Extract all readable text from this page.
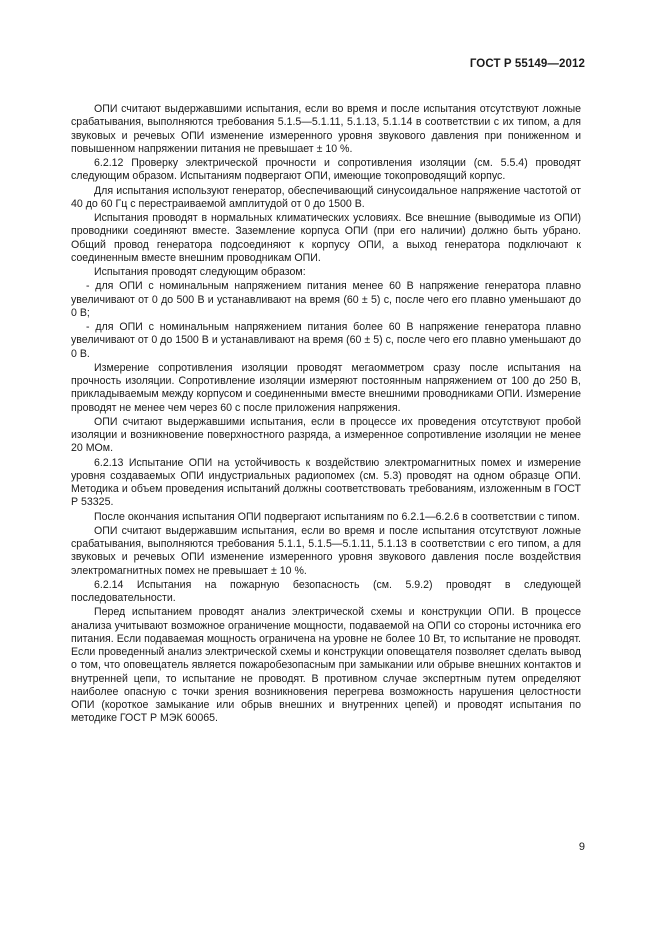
ГОСТ Р 55149—2012

ОПИ считают выдержавшими испытания, если во время и после испытания отсутствуют ложные срабатывания, выполняются требования 5.1.5—5.1.11, 5.1.13, 5.1.14 в соответствии с их типом, а для звуковых и речевых ОПИ изменение измеренного уровня звукового давления при пониженном и повышенном напряжении питания не превышает ± 10 %.

6.2.12 Проверку электрической прочности и сопротивления изоляции (см. 5.5.4) проводят следующим образом. Испытаниям подвергают ОПИ, имеющие токопроводящий корпус.

Для испытания используют генератор, обеспечивающий синусоидальное напряжение частотой от 40 до 60 Гц с перестраиваемой амплитудой от 0 до 1500 В.

Испытания проводят в нормальных климатических условиях. Все внешние (выводимые из ОПИ) проводники соединяют вместе. Заземление корпуса ОПИ (при его наличии) должно быть убрано. Общий провод генератора подсоединяют к корпусу ОПИ, а выход генератора подключают к соединенным вместе внешним проводникам ОПИ.

Испытания проводят следующим образом:

- для ОПИ с номинальным напряжением питания менее 60 В напряжение генератора плавно увеличивают от 0 до 500 В и устанавливают на время (60 ± 5) с, после чего его плавно уменьшают до 0 В;

- для ОПИ с номинальным напряжением питания более 60 В напряжение генератора плавно увеличивают от 0 до 1500 В и устанавливают на время (60 ± 5) с, после чего его плавно уменьшают до 0 В.

Измерение сопротивления изоляции проводят мегаомметром сразу после испытания на прочность изоляции. Сопротивление изоляции измеряют постоянным напряжением от 100 до 250 В, прикладываемым между корпусом и соединенными вместе внешними проводниками ОПИ. Измерение проводят не менее чем через 60 с после приложения напряжения.

ОПИ считают выдержавшими испытания, если в процессе их проведения отсутствуют пробой изоляции и возникновение поверхностного разряда, а измеренное сопротивление изоляции не менее 20 МОм.

6.2.13 Испытание ОПИ на устойчивость к воздействию электромагнитных помех и измерение уровня создаваемых ОПИ индустриальных радиопомех (см. 5.3) проводят на одном образце ОПИ. Методика и объем проведения испытаний должны соответствовать требованиям, изложенным в ГОСТ Р 53325.

После окончания испытания ОПИ подвергают испытаниям по 6.2.1—6.2.6 в соответствии с типом.

ОПИ считают выдержавшим испытания, если во время и после испытания отсутствуют ложные срабатывания, выполняются требования 5.1.1, 5.1.5—5.1.11, 5.1.13 в соответствии с его типом, а для звуковых и речевых ОПИ изменение измеренного уровня звукового давления после воздействия электромагнитных помех не превышает ± 10 %.

6.2.14 Испытания на пожарную безопасность (см. 5.9.2) проводят в следующей последовательности.

Перед испытанием проводят анализ электрической схемы и конструкции ОПИ. В процессе анализа учитывают возможное ограничение мощности, подаваемой на ОПИ со стороны источника его питания. Если подаваемая мощность ограничена на уровне не более 10 Вт, то испытание не проводят. Если проведенный анализ электрической схемы и конструкции оповещателя позволяет сделать вывод о том, что оповещатель является пожаробезопасным при замыкании или обрыве внешних контактов и внутренней цепи, то испытание не проводят. В противном случае экспертным путем определяют наиболее опасную с точки зрения возникновения перегрева возможность нарушения целостности ОПИ (короткое замыкание или обрыв внешних и внутренних цепей) и проводят испытания по методике ГОСТ Р МЭК 60065.

9
